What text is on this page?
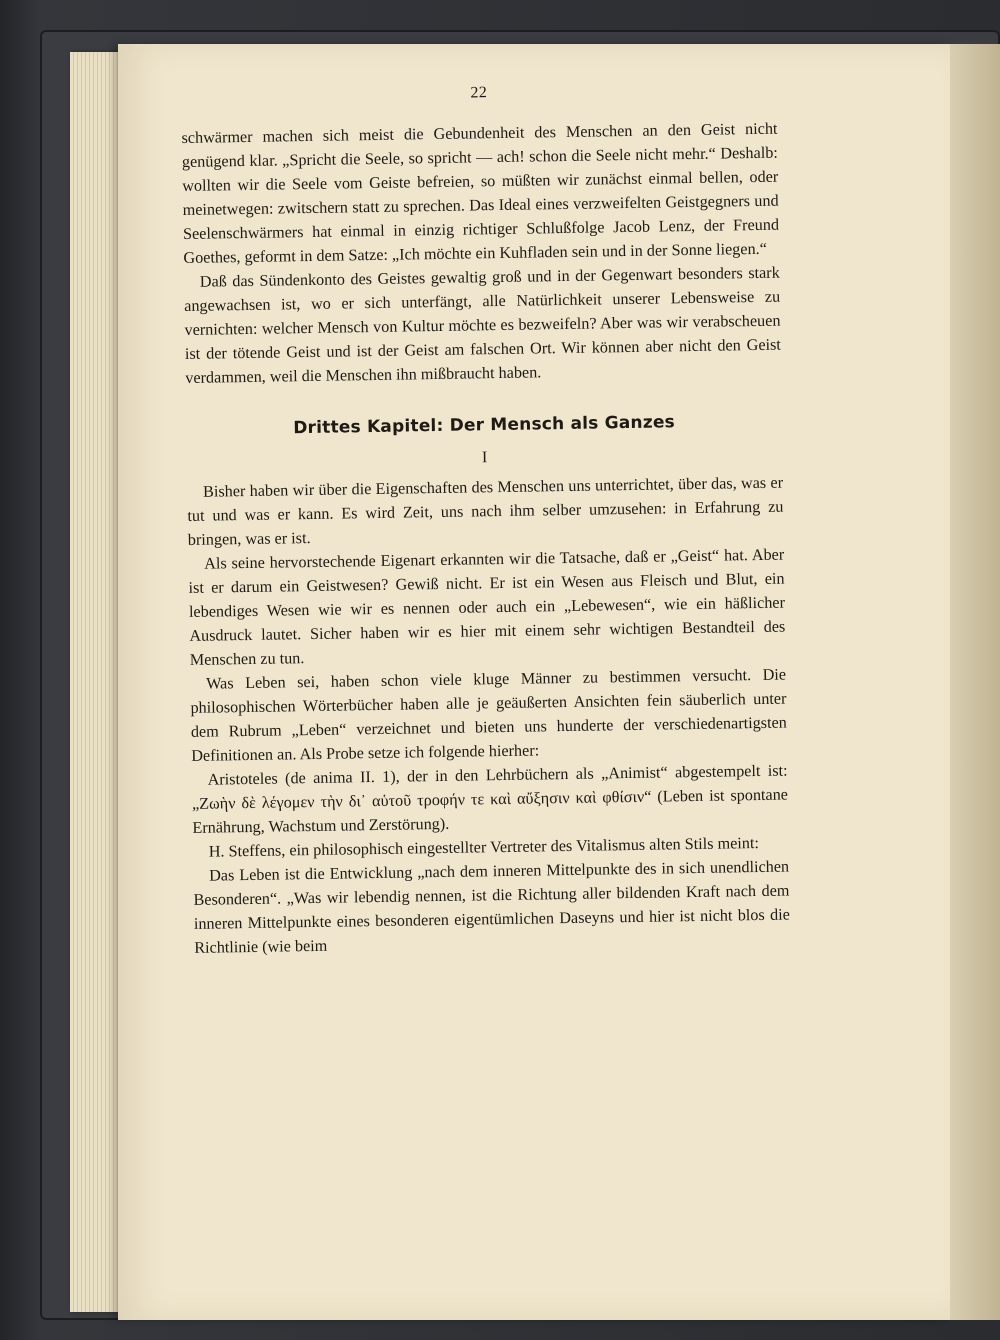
22

schwärmer machen sich meist die Gebundenheit des Menschen an den Geist nicht genügend klar. „Spricht die Seele, so spricht — ach! schon die Seele nicht mehr.“ Deshalb: wollten wir die Seele vom Geiste befreien, so müßten wir zunächst einmal bellen, oder meinetwegen: zwitschern statt zu sprechen. Das Ideal eines verzweifelten Geistgegners und Seelenschwärmers hat einmal in einzig richtiger Schlußfolge Jacob Lenz, der Freund Goethes, geformt in dem Satze: „Ich möchte ein Kuhfladen sein und in der Sonne liegen.“

Daß das Sündenkonto des Geistes gewaltig groß und in der Gegenwart besonders stark angewachsen ist, wo er sich unterfängt, alle Natürlichkeit unserer Lebensweise zu vernichten: welcher Mensch von Kultur möchte es bezweifeln? Aber was wir verabscheuen ist der tötende Geist und ist der Geist am falschen Ort. Wir können aber nicht den Geist verdammen, weil die Menschen ihn mißbraucht haben.

Drittes Kapitel: Der Mensch als Ganzes
I

Bisher haben wir über die Eigenschaften des Menschen uns unterrichtet, über das, was er tut und was er kann. Es wird Zeit, uns nach ihm selber umzusehen: in Erfahrung zu bringen, was er ist.

Als seine hervorstechende Eigenart erkannten wir die Tatsache, daß er „Geist“ hat. Aber ist er darum ein Geistwesen? Gewiß nicht. Er ist ein Wesen aus Fleisch und Blut, ein lebendiges Wesen wie wir es nennen oder auch ein „Lebewesen“, wie ein häßlicher Ausdruck lautet. Sicher haben wir es hier mit einem sehr wichtigen Bestandteil des Menschen zu tun.

Was Leben sei, haben schon viele kluge Männer zu bestimmen versucht. Die philosophischen Wörterbücher haben alle je geäußerten Ansichten fein säuberlich unter dem Rubrum „Leben“ verzeichnet und bieten uns hunderte der verschiedenartigsten Definitionen an. Als Probe setze ich folgende hierher:

Aristoteles (de anima II. 1), der in den Lehrbüchern als „Animist“ abgestempelt ist: „Ζωὴν δὲ λέγομεν τὴν δι᾽ αὑτοῦ τροφήν τε καὶ αὔξησιν καὶ φθίσιν“ (Leben ist spontane Ernährung, Wachstum und Zerstörung).

H. Steffens, ein philosophisch eingestellter Vertreter des Vitalismus alten Stils meint:

Das Leben ist die Entwicklung „nach dem inneren Mittelpunkte des in sich unendlichen Besonderen“. „Was wir lebendig nennen, ist die Richtung aller bildenden Kraft nach dem inneren Mittelpunkte eines besonderen eigentümlichen Daseyns und hier ist nicht blos die Richtlinie (wie beim
